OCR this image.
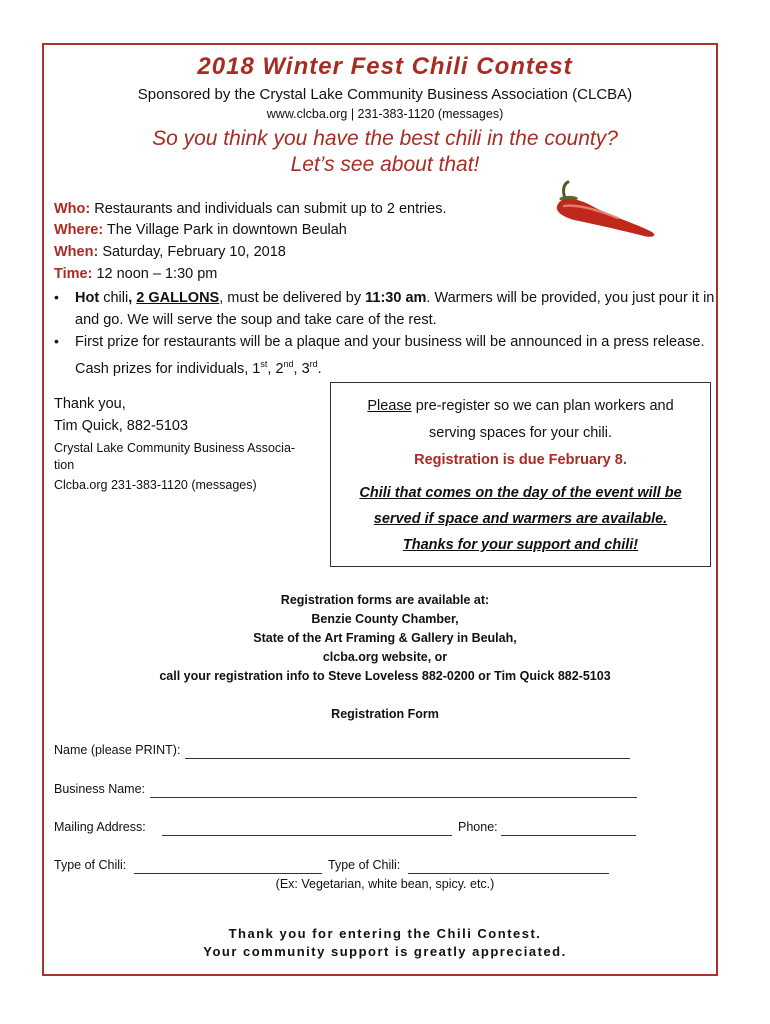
2018 Winter Fest Chili Contest
Sponsored by the Crystal Lake Community Business Association (CLCBA)
www.clcba.org | 231-383-1120 (messages)
So you think you have the best chili in the county?
Let’s see about that!
Who: Restaurants and individuals can submit up to 2 entries.
Where: The Village Park in downtown Beulah
When: Saturday, February 10, 2018
Time: 12 noon – 1:30 pm
• Hot chili, 2 GALLONS, must be delivered by 11:30 am. Warmers will be provided, you just pour it in and go. We will serve the soup and take care of the rest.
• First prize for restaurants will be a plaque and your business will be announced in a press release. Cash prizes for individuals, 1st, 2nd, 3rd.
Thank you,
Tim Quick, 882-5103
Crystal Lake Community Business Associa-
tion
Clcba.org 231-383-1120 (messages)
Please pre-register so we can plan workers and
serving spaces for your chili.
Registration is due February 8.
Chili that comes on the day of the event will be
served if space and warmers are available.
Thanks for your support and chili!
Registration forms are available at:
Benzie County Chamber,
State of the Art Framing & Gallery in Beulah,
clcba.org website, or
call your registration info to Steve Loveless 882-0200 or Tim Quick 882-5103
Registration Form
Name (please PRINT):
Business Name:
Mailing Address:	Phone:
Type of Chili:	Type of Chili:
(Ex: Vegetarian, white bean, spicy. etc.)
Thank you for entering the Chili Contest.
Your community support is greatly appreciated.
